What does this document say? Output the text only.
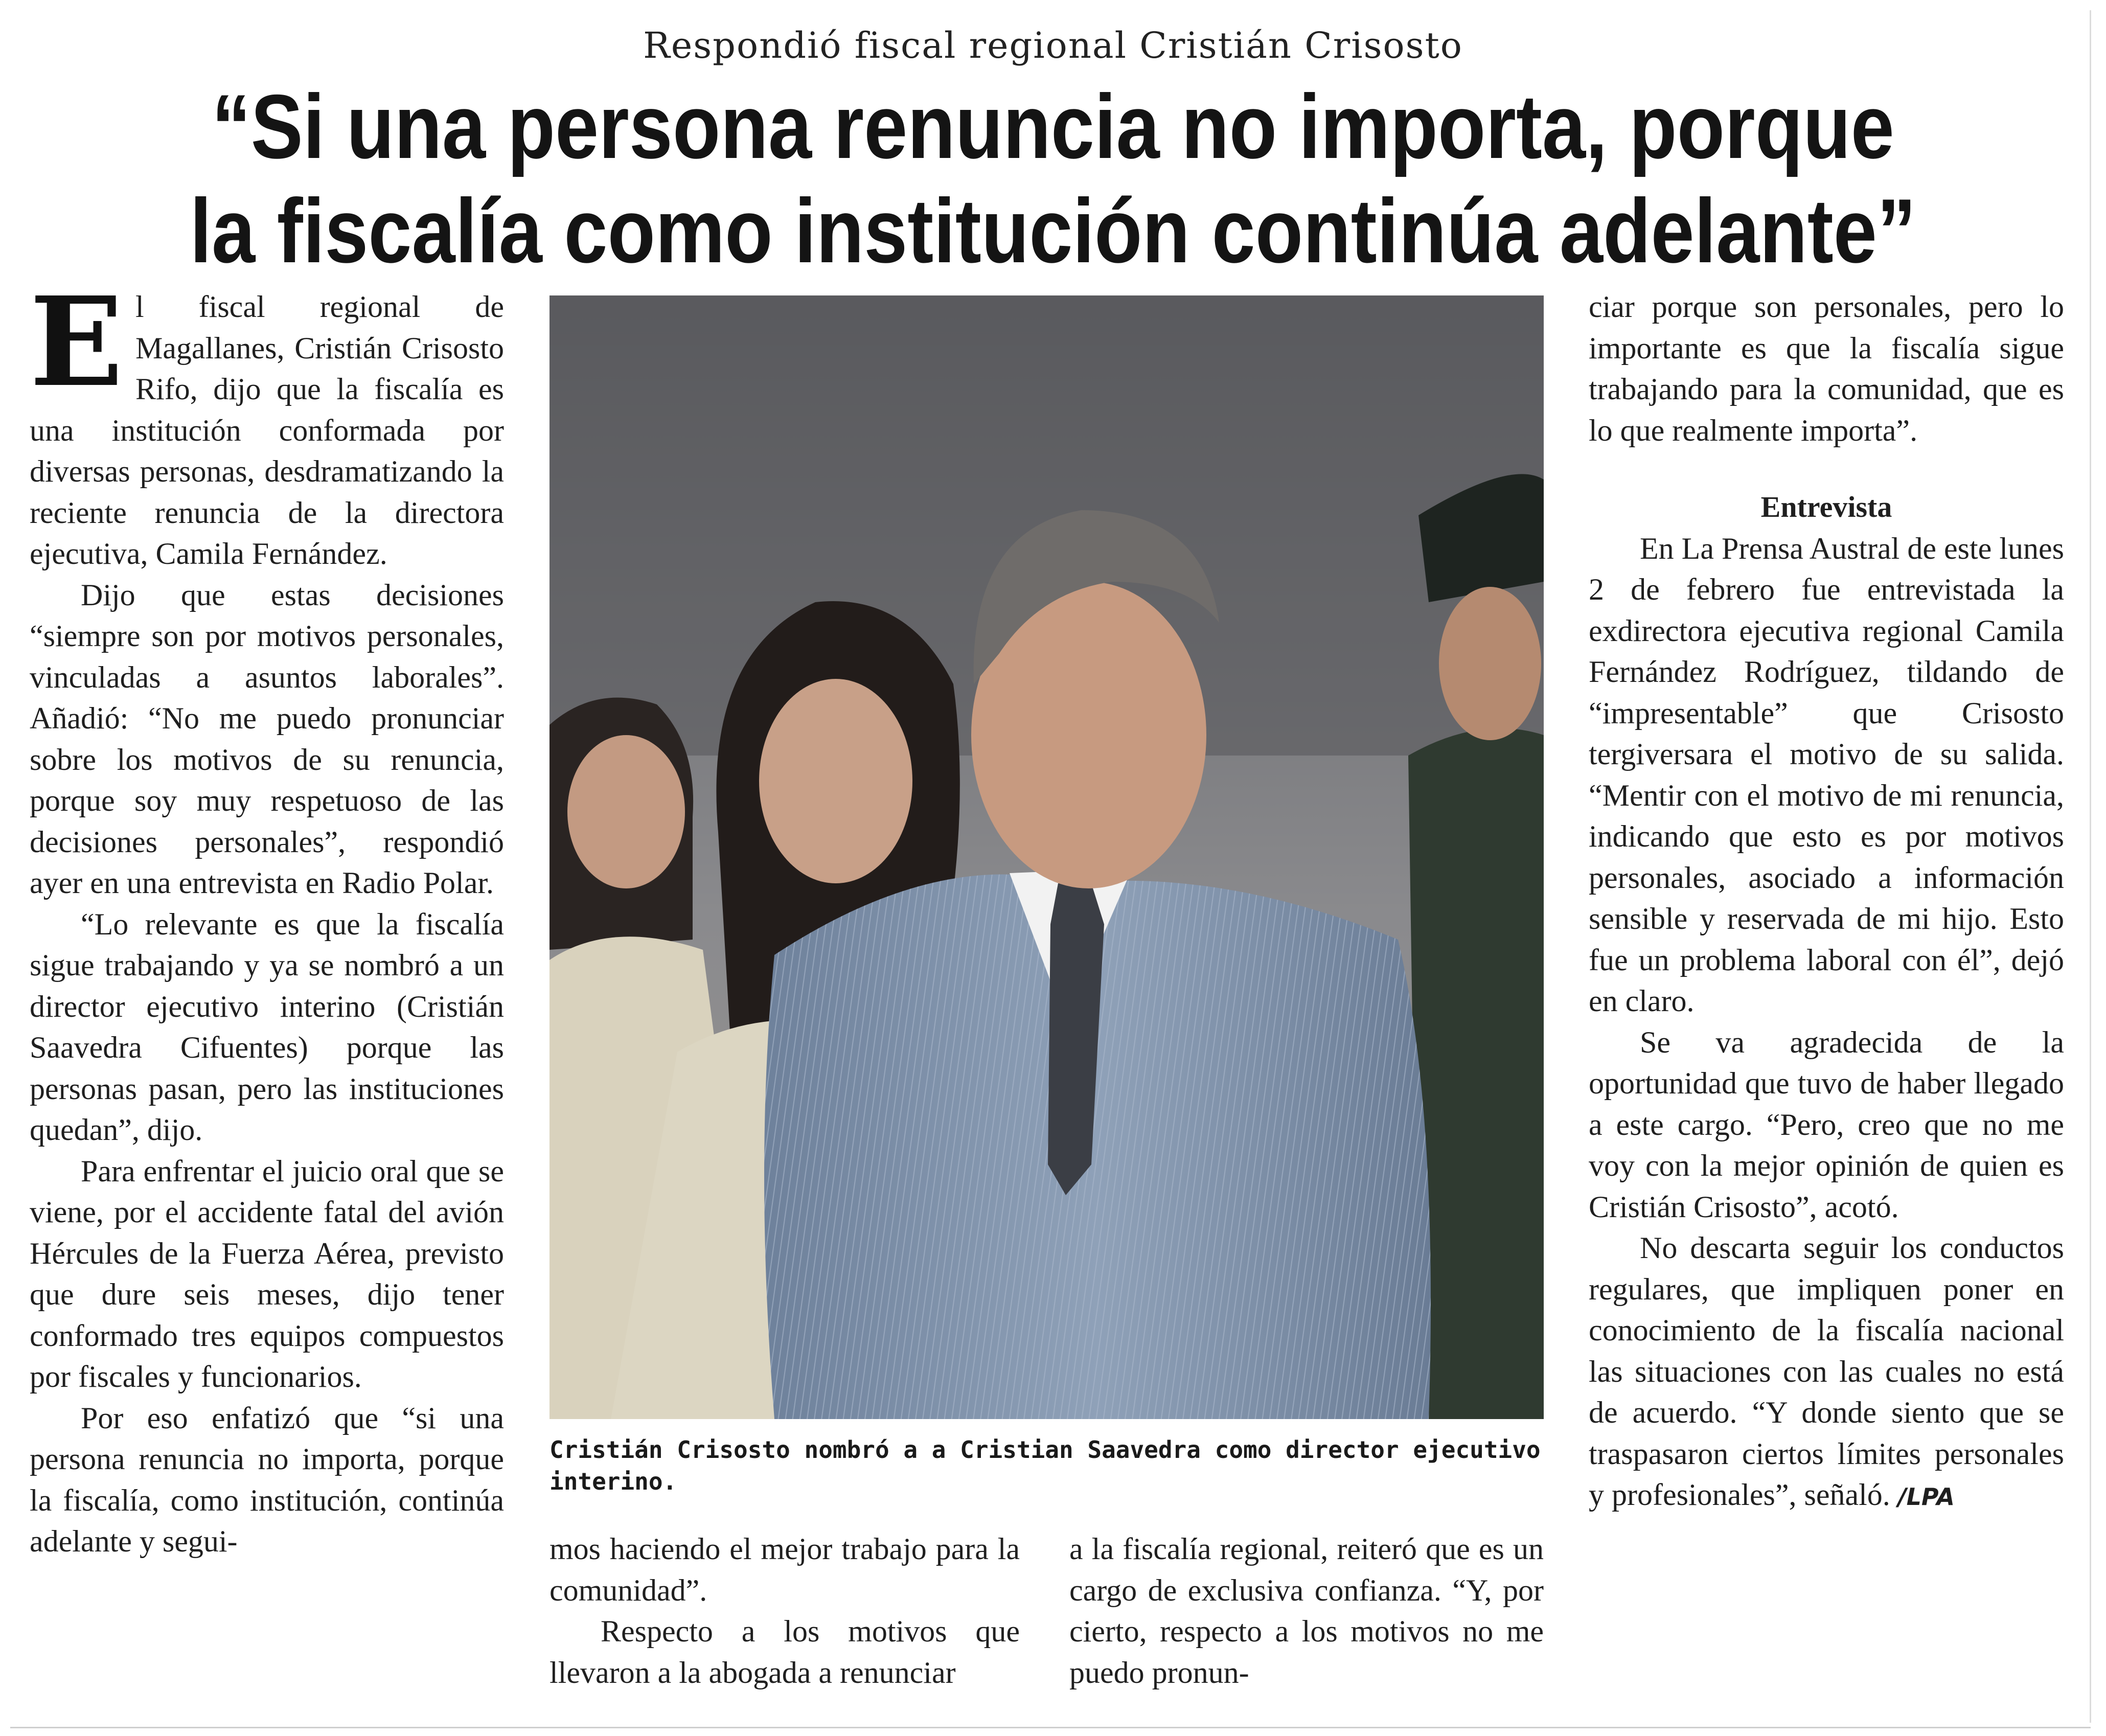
Respondió fiscal regional Cristián Crisosto
“Si una persona renuncia no importa, porque
la fiscalía como institución continúa adelante”
E l fiscal regional de Magallanes, Cristián Crisosto Rifo, dijo que la fiscalía es una institución conformada por diversas personas, desdramatizando la reciente renuncia de la directora ejecutiva, Camila Fernández.

Dijo que estas decisiones “siempre son por motivos personales, vinculadas a asuntos laborales”. Añadió: “No me puedo pronunciar sobre los motivos de su renuncia, porque soy muy respetuoso de las decisiones personales”, respondió ayer en una entrevista en Radio Polar.

“Lo relevante es que la fiscalía sigue trabajando y ya se nombró a un director ejecutivo interino (Cristián Saavedra Cifuentes) porque las personas pasan, pero las instituciones quedan”, dijo.

Para enfrentar el juicio oral que se viene, por el accidente fatal del avión Hércules de la Fuerza Aérea, previsto que dure seis meses, dijo tener conformado tres equipos compuestos por fiscales y funcionarios.

Por eso enfatizó que “si una persona renuncia no importa, porque la fiscalía, como institución, continúa adelante y segui-

Cristián Crisosto nombró a a Cristian Saavedra como director ejecutivo interino.

mos haciendo el mejor trabajo para la comunidad”.

Respecto a los motivos que llevaron a la abogada a renunciar

a la fiscalía regional, reiteró que es un cargo de exclusiva confianza. “Y, por cierto, respecto a los motivos no me puedo pronun-

ciar porque son personales, pero lo importante es que la fiscalía sigue trabajando para la comunidad, que es lo que realmente importa”.

Entrevista

En La Prensa Austral de este lunes 2 de febrero fue entrevistada la exdirectora ejecutiva regional Camila Fernández Rodríguez, tildando de “impresentable” que Crisosto tergiversara el motivo de su salida. “Mentir con el motivo de mi renuncia, indicando que esto es por motivos personales, asociado a información sensible y reservada de mi hijo. Esto fue un problema laboral con él”, dejó en claro.

Se va agradecida de la oportunidad que tuvo de haber llegado a este cargo. “Pero, creo que no me voy con la mejor opinión de quien es Cristián Crisosto”, acotó.

No descarta seguir los conductos regulares, que impliquen poner en conocimiento de la fiscalía nacional las situaciones con las cuales no está de acuerdo. “Y donde siento que se traspasaron ciertos límites personales y profesionales”, señaló. /LPA
